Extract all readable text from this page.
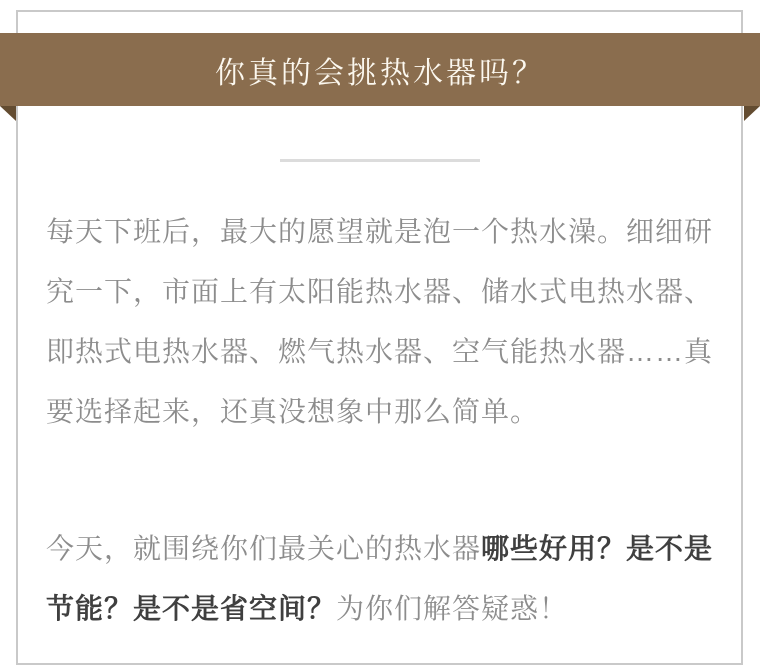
你真的会挑热水器吗？

每天下班后，最大的愿望就是泡一个热水澡。细细研
究一下，市面上有太阳能热水器、储水式电热水器、
即热式电热水器、燃气热水器、空气能热水器……真
要选择起来，还真没想象中那么简单。

今天，就围绕你们最关心的热水器哪些好用？是不是
节能？是不是省空间？为你们解答疑惑！
